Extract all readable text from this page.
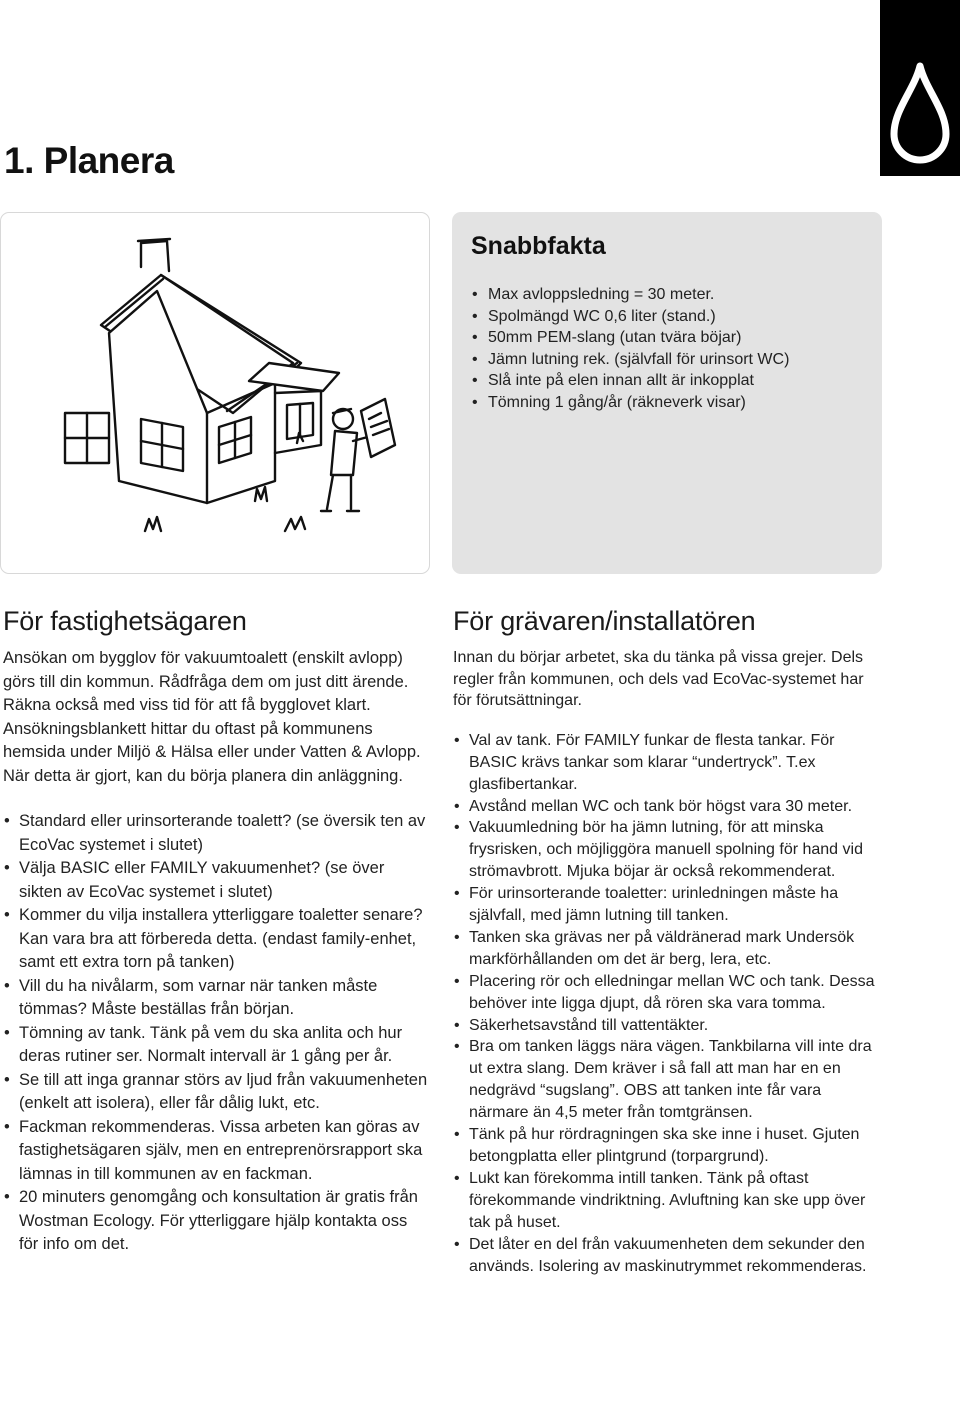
1. Planera
Snabbfakta
• Max avloppsledning = 30 meter.
• Spolmängd WC 0,6 liter (stand.)
• 50mm PEM-slang (utan tvära böjar)
• Jämn lutning rek. (självfall för urinsort WC)
• Slå inte på elen innan allt är inkopplat
• Tömning 1 gång/år (räkneverk visar)
För fastighetsägaren

Ansökan om bygglov för vakuumtoalett (enskilt avlopp) görs till din kommun. Rådfråga dem om just ditt ärende. Räkna också med viss tid för att få bygglovet klart. Ansökningsblankett hittar du oftast på kommunens hemsida under Miljö & Hälsa eller under Vatten & Avlopp. När detta är gjort, kan du börja planera din anläggning.

• Standard eller urinsorterande toalett? (se översik ten av EcoVac systemet i slutet)
• Välja BASIC eller FAMILY vakuumenhet? (se över sikten av EcoVac systemet i slutet)
• Kommer du vilja installera ytterliggare toaletter senare? Kan vara bra att förbereda detta. (endast family-enhet, samt ett extra torn på tanken)
• Vill du ha nivålarm, som varnar när tanken måste tömmas? Måste beställas från början.
• Tömning av tank. Tänk på vem du ska anlita och hur deras rutiner ser. Normalt intervall är 1 gång per år.
• Se till att inga grannar störs av ljud från vakuumenheten (enkelt att isolera), eller får dålig lukt, etc.
• Fackman rekommenderas. Vissa arbeten kan göras av fastighetsägaren själv, men en entreprenörsrapport ska lämnas in till kommunen av en fackman.
• 20 minuters genomgång och konsultation är gratis från Wostman Ecology. För ytterliggare hjälp kontakta oss för info om det.
För grävaren/installatören

Innan du börjar arbetet, ska du tänka på vissa grejer. Dels regler från kommunen, och dels vad EcoVac-systemet har för förutsättningar.

• Val av tank. För FAMILY funkar de flesta tankar. För BASIC krävs tankar som klarar “undertryck”. T.ex glasfibertankar.
• Avstånd mellan WC och tank bör högst vara 30 meter.
• Vakuumledning bör ha jämn lutning, för att minska frysrisken, och möjliggöra manuell spolning för hand vid strömavbrott. Mjuka böjar är också rekommenderat.
• För urinsorterande toaletter: urinledningen måste ha självfall, med jämn lutning till tanken.
• Tanken ska grävas ner på väldränerad mark Undersök markförhållanden om det är berg, lera, etc.
• Placering rör och elledningar mellan WC och tank. Dessa behöver inte ligga djupt, då rören ska vara tomma.
• Säkerhetsavstånd till vattentäkter.
• Bra om tanken läggs nära vägen. Tankbilarna vill inte dra ut extra slang. Dem kräver i så fall att man har en en nedgrävd “sugslang”. OBS att tanken inte får vara närmare än 4,5 meter från tomtgränsen.
• Tänk på hur rördragningen ska ske inne i huset. Gjuten betongplatta eller plintgrund (torpargrund).
• Lukt kan förekomma intill tanken. Tänk på oftast förekommande vindriktning. Avluftning kan ske upp över tak på huset.
• Det låter en del från vakuumenheten dem sekunder den används. Isolering av maskinutrymmet rekommenderas.
